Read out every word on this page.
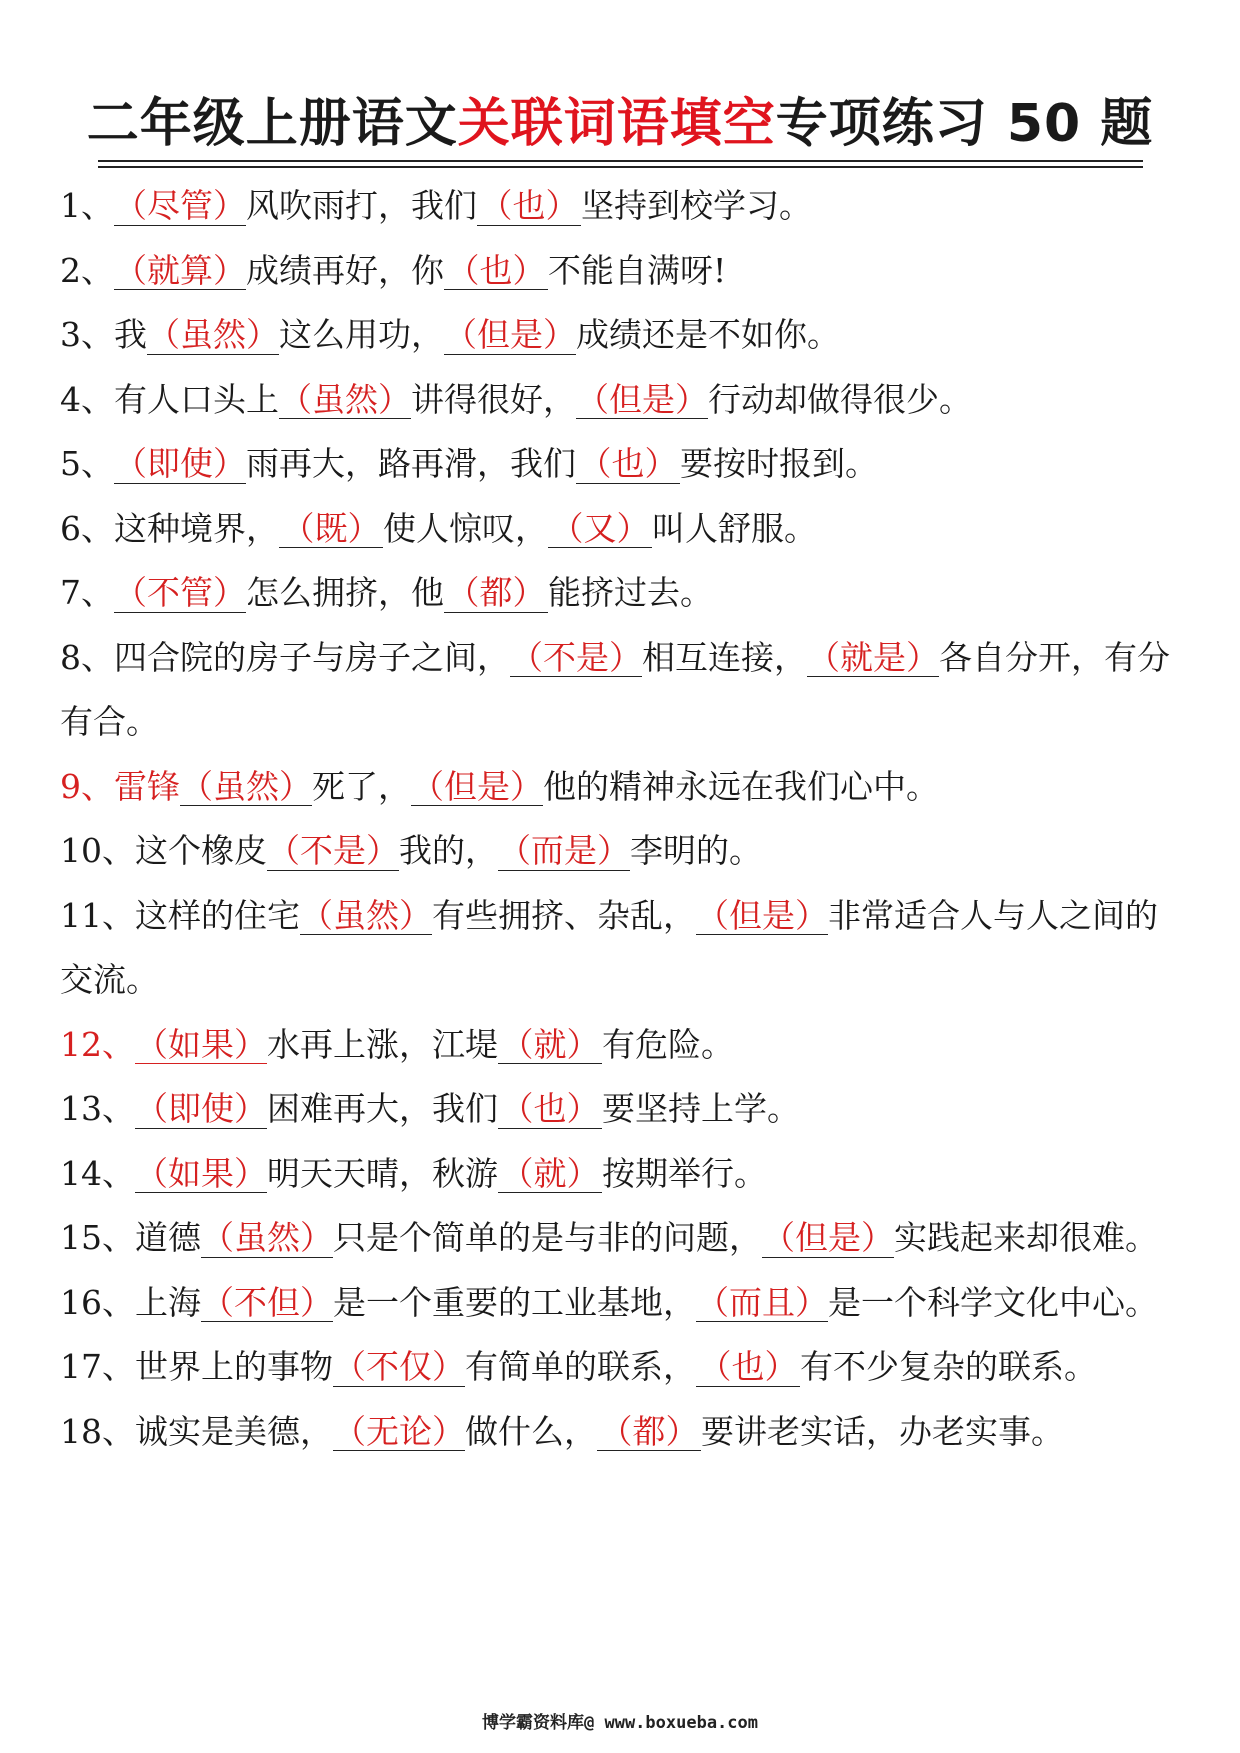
二年级上册语文关联词语填空专项练习 50 题
1、（尽管）风吹雨打，我们（也）坚持到校学习。
2、（就算）成绩再好，你（也）不能自满呀!
3、我（虽然）这么用功，（但是）成绩还是不如你。
4、有人口头上（虽然）讲得很好，（但是）行动却做得很少。
5、（即使）雨再大，路再滑，我们（也）要按时报到。
6、这种境界，（既）使人惊叹，（又）叫人舒服。
7、（不管）怎么拥挤，他（都）能挤过去。
8、四合院的房子与房子之间，（不是）相互连接，（就是）各自分开，有分有合。
9、雷锋（虽然）死了，（但是）他的精神永远在我们心中。
10、这个橡皮（不是）我的，（而是）李明的。
11、这样的住宅（虽然）有些拥挤、杂乱，（但是）非常适合人与人之间的交流。
12、（如果）水再上涨，江堤（就）有危险。
13、（即使）困难再大，我们（也）要坚持上学。
14、（如果）明天天晴，秋游（就）按期举行。
15、道德（虽然）只是个简单的是与非的问题，（但是）实践起来却很难。
16、上海（不但）是一个重要的工业基地，（而且）是一个科学文化中心。
17、世界上的事物（不仅）有简单的联系，（也）有不少复杂的联系。
18、诚实是美德，（无论）做什么，（都）要讲老实话，办老实事。
博学霸资料库@ www.boxueba.com
